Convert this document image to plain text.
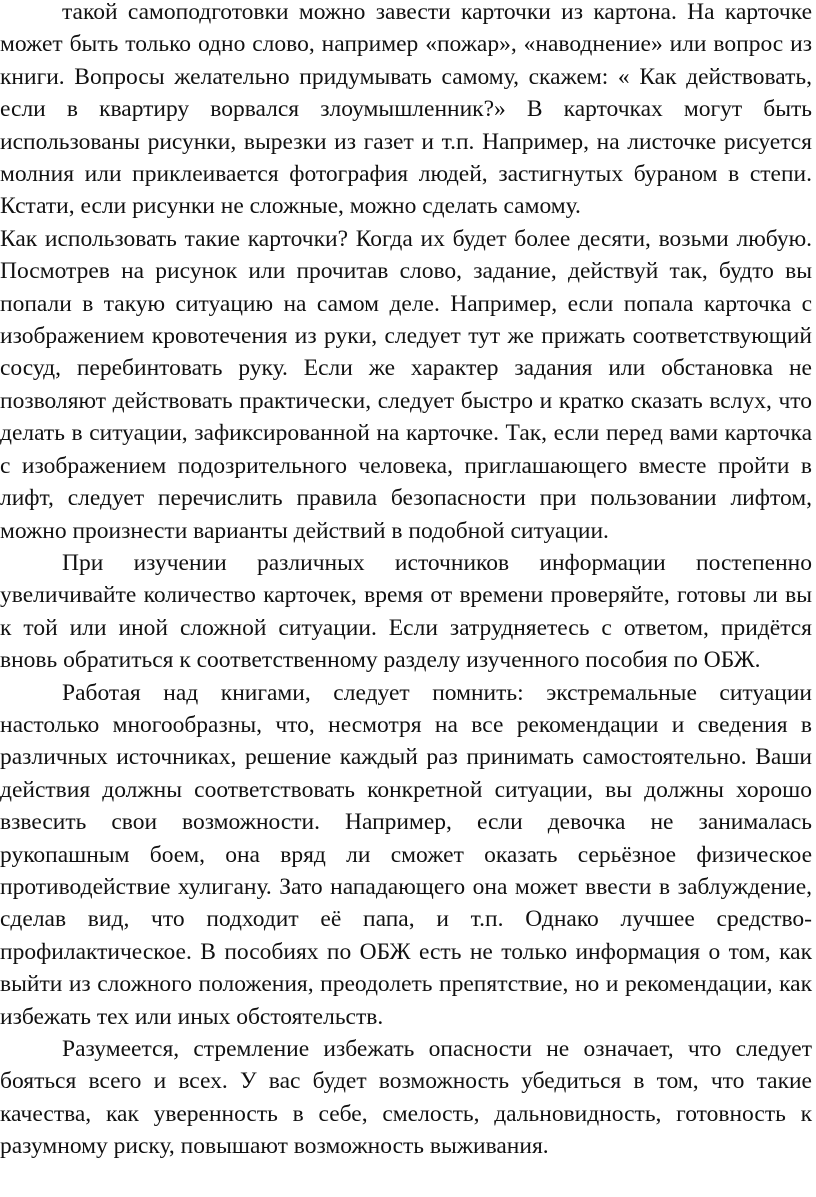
такой самоподготовки можно завести карточки из картона. На карточке может быть только одно слово, например «пожар», «наводнение» или вопрос из книги. Вопросы желательно придумывать самому, скажем: « Как действовать, если в квартиру ворвался злоумышленник?» В карточках могут быть использованы рисунки, вырезки из газет и т.п. Например, на листочке рисуется молния или приклеивается фотография людей, застигнутых бураном в степи. Кстати, если рисунки не сложные, можно сделать самому.

Как использовать такие карточки? Когда их будет более десяти, возьми любую. Посмотрев на рисунок или прочитав слово, задание, действуй так, будто вы попали в такую ситуацию на самом деле. Например, если попала карточка с изображением кровотечения из руки, следует тут же прижать соответствующий сосуд, перебинтовать руку. Если же характер задания или обстановка не позволяют действовать практически, следует быстро и кратко сказать вслух, что делать в ситуации, зафиксированной на карточке. Так, если перед вами карточка с изображением подозрительного человека, приглашающего вместе пройти в лифт, следует перечислить правила безопасности при пользовании лифтом, можно произнести варианты действий в подобной ситуации.

При изучении различных источников информации постепенно увеличивайте количество карточек, время от времени проверяйте, готовы ли вы к той или иной сложной ситуации. Если затрудняетесь с ответом, придётся вновь обратиться к соответственному разделу изученного пособия по ОБЖ.

Работая над книгами, следует помнить: экстремальные ситуации настолько многообразны, что, несмотря на все рекомендации и сведения в различных источниках, решение каждый раз принимать самостоятельно. Ваши действия должны соответствовать конкретной ситуации, вы должны хорошо взвесить свои возможности. Например, если девочка не занималась рукопашным боем, она вряд ли сможет оказать серьёзное физическое противодействие хулигану. Зато нападающего она может ввести в заблуждение, сделав вид, что подходит её папа, и т.п. Однако лучшее средство-профилактическое. В пособиях по ОБЖ есть не только информация о том, как выйти из сложного положения, преодолеть препятствие, но и рекомендации, как избежать тех или иных обстоятельств.

Разумеется, стремление избежать опасности не означает, что следует бояться всего и всех. У вас будет возможность убедиться в том, что такие качества, как уверенность в себе, смелость, дальновидность, готовность к разумному риску, повышают возможность выживания.
